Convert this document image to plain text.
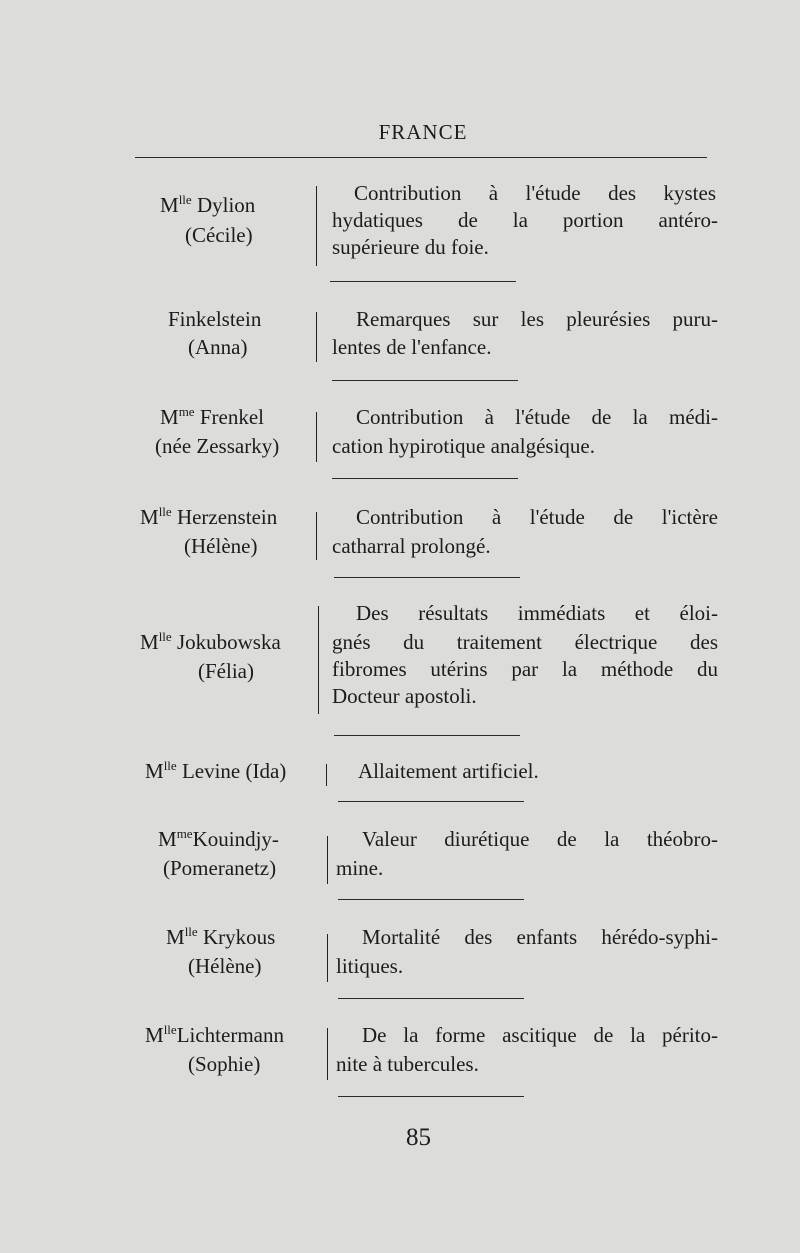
FRANCE
$M^{lle}$ Dylion
(Cécile)
Contribution à l'étude des kystes
hydatiques de la portion antéro-
supérieure du foie.
Finkelstein
(Anna)
Remarques sur les pleurésies puru-
lentes de l'enfance.
$M^{me}$ Frenkel
(née Zessarky)
Contribution à l'étude de la médi-
cation hypirotique analgésique.
$M^{lle}$ Herzenstein
(Hélène)
Contribution à l'étude de l'ictère
catharral prolongé.
$M^{lle}$ Jokubowska
(Félia)
Des résultats immédiats et éloi-
gnés du traitement électrique des
fibromes utérins par la méthode du
Docteur apostoli.
$M^{lle}$ Levine (Ida)	Allaitement artificiel.
$M^{me}Kouindjy-$
(Pomeranetz)
Valeur diurétique de la théobro-
mine.
$M^{lle}$ Krykous
(Hélène)
Mortalité des enfants hérédo-syphi-
litiques.
$M^{lle}Lichtermann$
(Sophie)
De la forme ascitique de la périto-
nite à tubercules.
85
